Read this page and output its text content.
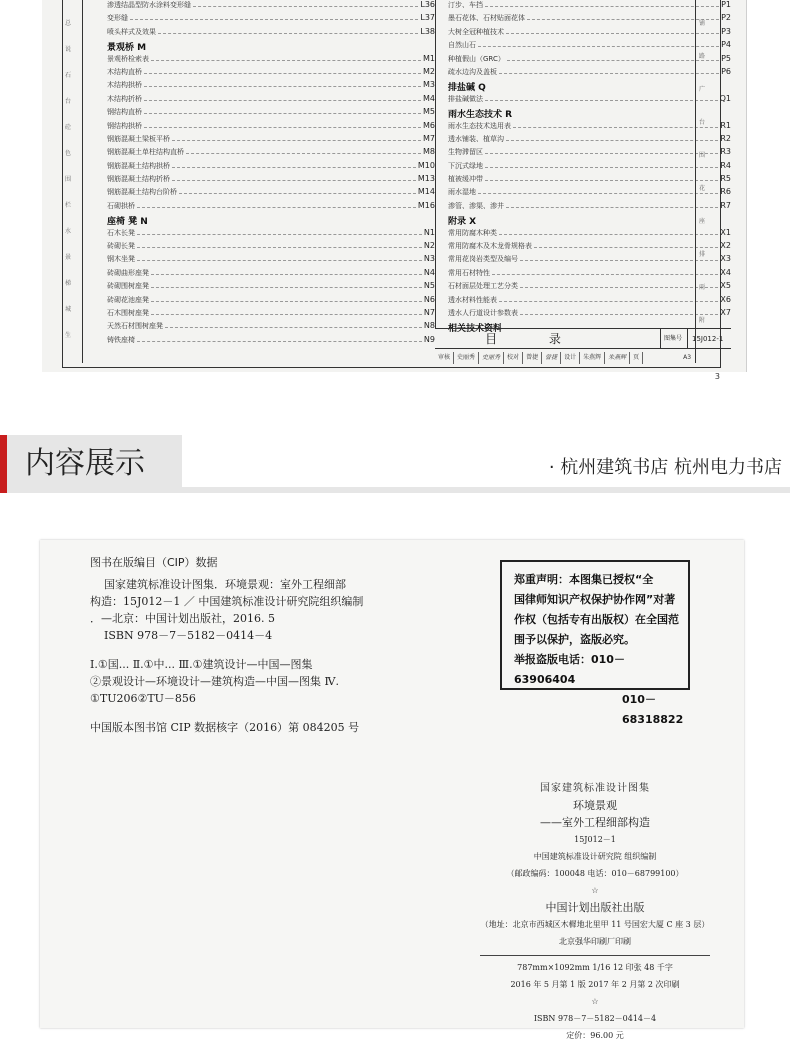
总
说
石
台
砼
色
围
栏
水
景
梯
城
生
渗透结晶型防水涂料变形缝	L36
变形缝	L37
喷头样式及效果	L38
景观桥 M
景观桥检索表	M1
木结构直桥	M2
木结构拱桥	M3
木结构折桥	M4
钢结构直桥	M5
钢结构拱桥	M6
钢筋混凝土梁板平桥	M7
钢筋混凝土单柱结构直桥	M8
钢筋混凝土结构拱桥	M10
钢筋混凝土结构折桥	M13
钢筋混凝土结构台阶桥	M14
石砌拱桥	M16
座椅 凳 N
石木长凳	N1
砖砌长凳	N2
钢木坐凳	N3
砖砌曲形座凳	N4
砖砌围树座凳	N5
砖砌花池座凳	N6
石木围树座凳	N7
天然石材围树座凳	N8
铸铁座椅	N9
汀步、车挡	P1
墨石花体、石材贴面花体	P2
大树全冠种植技术	P3
自然山石	P4
种植假山（GRC）	P5
疏水边沟及盖板	P6
排盐碱 Q
排盐碱做法	Q1
雨水生态技术 R
雨水生态技术选用表	R1
透水铺装、植草沟	R2
生物滞留区	R3
下沉式绿地	R4
植被缓冲带	R5
雨水湿地	R6
渗管、渗渠、渗井	R7
附录 X
常用防腐木种类	X1
常用防腐木及木龙骨规格表	X2
常用花岗岩类型及编号	X3
常用石材特性	X4
石材面层处理工艺分类	X5
透水材料性能表	X6
透水人行道设计参数表	X7
相关技术资料
目 录	图集号	15J012-1
审核	史丽秀	史丽秀	校对	曾捷	曾捷	设计	朱燕辉	朱燕辉	页	A3
铺
路
广
台
围
花
座
排
雨
附
3
内容展示	· 杭州建筑书店 杭州电力书店
图书在版编目（CIP）数据
国家建筑标准设计图集．环境景观：室外工程细部
构造：15J012－1 ／ 中国建筑标准设计研究院组织编制
．—北京：中国计划出版社，2016. 5
ISBN 978－7－5182－0414－4
Ⅰ.①国... Ⅱ.①中... Ⅲ.①建筑设计—中国—图集
②景观设计—环境设计—建筑构造—中国—图集 Ⅳ.
①TU206②TU－856
中国版本图书馆 CIP 数据核字（2016）第 084205 号
郑重声明：本图集已授权“全
国律师知识产权保护协作网”对著
作权（包括专有出版权）在全国范
围予以保护，盗版必究。
举报盗版电话：010－63906404
010－68318822
国家建筑标准设计图集
环境景观
——室外工程细部构造
15J012－1
中国建筑标准设计研究院 组织编制
（邮政编码：100048 电话：010－68799100）
☆
中国计划出版社出版
（地址：北京市西城区木樨地北里甲 11 号国宏大厦 C 座 3 层）
北京强华印刷厂印刷
787mm×1092mm 1/16 12 印张 48 千字
2016 年 5 月第 1 版 2017 年 2 月第 2 次印刷
☆
ISBN 978－7－5182－0414－4
定价：96.00 元
